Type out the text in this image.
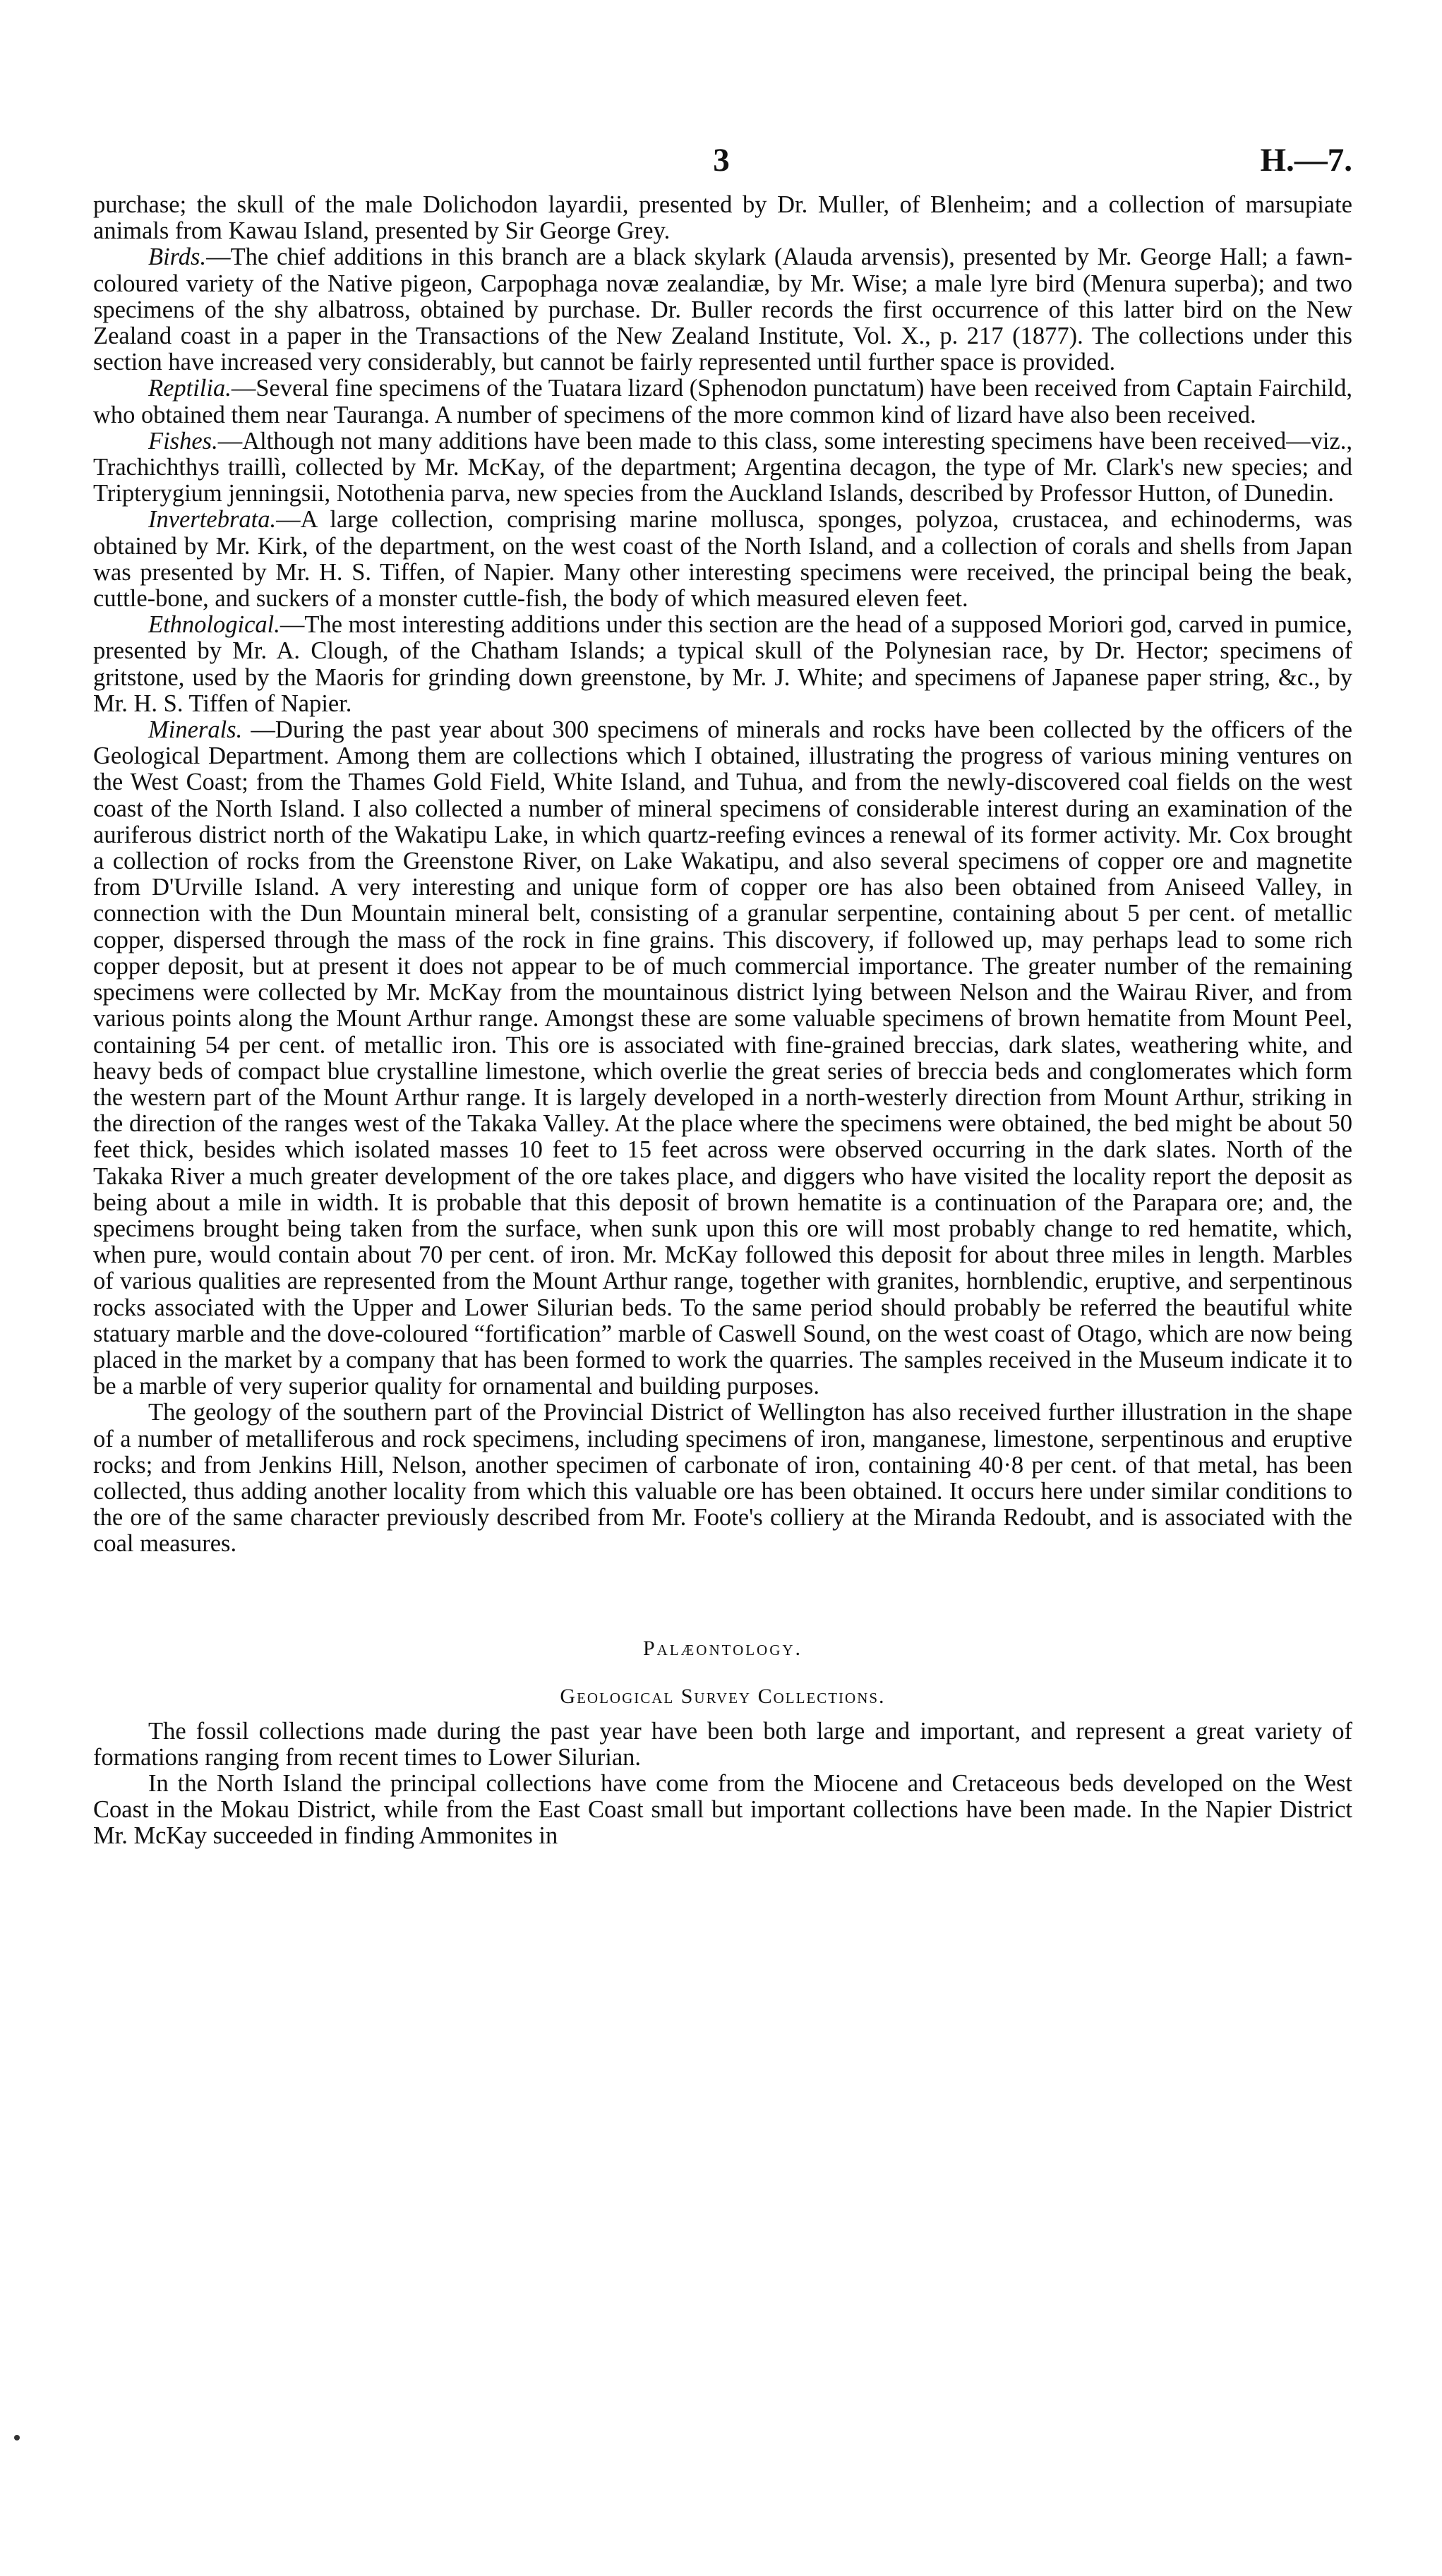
3	H.—7.

purchase; the skull of the male Dolichodon layardii, presented by Dr. Muller, of Blenheim; and a collection of marsupiate animals from Kawau Island, presented by Sir George Grey.

Birds.—The chief additions in this branch are a black skylark (Alauda arvensis), presented by Mr. George Hall; a fawn-coloured variety of the Native pigeon, Carpophaga novæ zealandiæ, by Mr. Wise; a male lyre bird (Menura superba); and two specimens of the shy albatross, obtained by purchase. Dr. Buller records the first occurrence of this latter bird on the New Zealand coast in a paper in the Transactions of the New Zealand Institute, Vol. X., p. 217 (1877). The collections under this section have increased very considerably, but cannot be fairly represented until further space is provided.

Reptilia.—Several fine specimens of the Tuatara lizard (Sphenodon punctatum) have been received from Captain Fairchild, who obtained them near Tauranga. A number of specimens of the more common kind of lizard have also been received.

Fishes.—Although not many additions have been made to this class, some interesting specimens have been received—viz., Trachichthys traillì, collected by Mr. McKay, of the department; Argentina decagon, the type of Mr. Clark's new species; and Tripterygium jenningsii, Notothenia parva, new species from the Auckland Islands, described by Professor Hutton, of Dunedin.

Invertebrata.—A large collection, comprising marine mollusca, sponges, polyzoa, crustacea, and echinoderms, was obtained by Mr. Kirk, of the department, on the west coast of the North Island, and a collection of corals and shells from Japan was presented by Mr. H. S. Tiffen, of Napier. Many other interesting specimens were received, the principal being the beak, cuttle-bone, and suckers of a monster cuttle-fish, the body of which measured eleven feet.

Ethnological.—The most interesting additions under this section are the head of a supposed Moriori god, carved in pumice, presented by Mr. A. Clough, of the Chatham Islands; a typical skull of the Polynesian race, by Dr. Hector; specimens of gritstone, used by the Maoris for grinding down greenstone, by Mr. J. White; and specimens of Japanese paper string, &c., by Mr. H. S. Tiffen of Napier.

Minerals. —During the past year about 300 specimens of minerals and rocks have been collected by the officers of the Geological Department. Among them are collections which I obtained, illustrating the progress of various mining ventures on the West Coast; from the Thames Gold Field, White Island, and Tuhua, and from the newly-discovered coal fields on the west coast of the North Island. I also collected a number of mineral specimens of considerable interest during an examination of the auriferous district north of the Wakatipu Lake, in which quartz-reefing evinces a renewal of its former activity. Mr. Cox brought a collection of rocks from the Greenstone River, on Lake Wakatipu, and also several specimens of copper ore and magnetite from D'Urville Island. A very interesting and unique form of copper ore has also been obtained from Aniseed Valley, in connection with the Dun Mountain mineral belt, consisting of a granular serpentine, containing about 5 per cent. of metallic copper, dispersed through the mass of the rock in fine grains. This discovery, if followed up, may perhaps lead to some rich copper deposit, but at present it does not appear to be of much commercial importance. The greater number of the remaining specimens were collected by Mr. McKay from the mountainous district lying between Nelson and the Wairau River, and from various points along the Mount Arthur range. Amongst these are some valuable specimens of brown hematite from Mount Peel, containing 54 per cent. of metallic iron. This ore is associated with fine-grained breccias, dark slates, weathering white, and heavy beds of compact blue crystalline limestone, which overlie the great series of breccia beds and conglomerates which form the western part of the Mount Arthur range. It is largely developed in a north-westerly direction from Mount Arthur, striking in the direction of the ranges west of the Takaka Valley. At the place where the specimens were obtained, the bed might be about 50 feet thick, besides which isolated masses 10 feet to 15 feet across were observed occurring in the dark slates. North of the Takaka River a much greater development of the ore takes place, and diggers who have visited the locality report the deposit as being about a mile in width. It is probable that this deposit of brown hematite is a continuation of the Parapara ore; and, the specimens brought being taken from the surface, when sunk upon this ore will most probably change to red hematite, which, when pure, would contain about 70 per cent. of iron. Mr. McKay followed this deposit for about three miles in length. Marbles of various qualities are represented from the Mount Arthur range, together with granites, hornblendic, eruptive, and serpentinous rocks associated with the Upper and Lower Silurian beds. To the same period should probably be referred the beautiful white statuary marble and the dove-coloured “fortification” marble of Caswell Sound, on the west coast of Otago, which are now being placed in the market by a company that has been formed to work the quarries. The samples received in the Museum indicate it to be a marble of very superior quality for ornamental and building purposes.

The geology of the southern part of the Provincial District of Wellington has also received further illustration in the shape of a number of metalliferous and rock specimens, including specimens of iron, manganese, limestone, serpentinous and eruptive rocks; and from Jenkins Hill, Nelson, another specimen of carbonate of iron, containing 40·8 per cent. of that metal, has been collected, thus adding another locality from which this valuable ore has been obtained. It occurs here under similar conditions to the ore of the same character previously described from Mr. Foote's colliery at the Miranda Redoubt, and is associated with the coal measures.

Palæontology.
Geological Survey Collections.

The fossil collections made during the past year have been both large and important, and represent a great variety of formations ranging from recent times to Lower Silurian.

In the North Island the principal collections have come from the Miocene and Cretaceous beds developed on the West Coast in the Mokau District, while from the East Coast small but important collections have been made. In the Napier District Mr. McKay succeeded in finding Ammonites in
